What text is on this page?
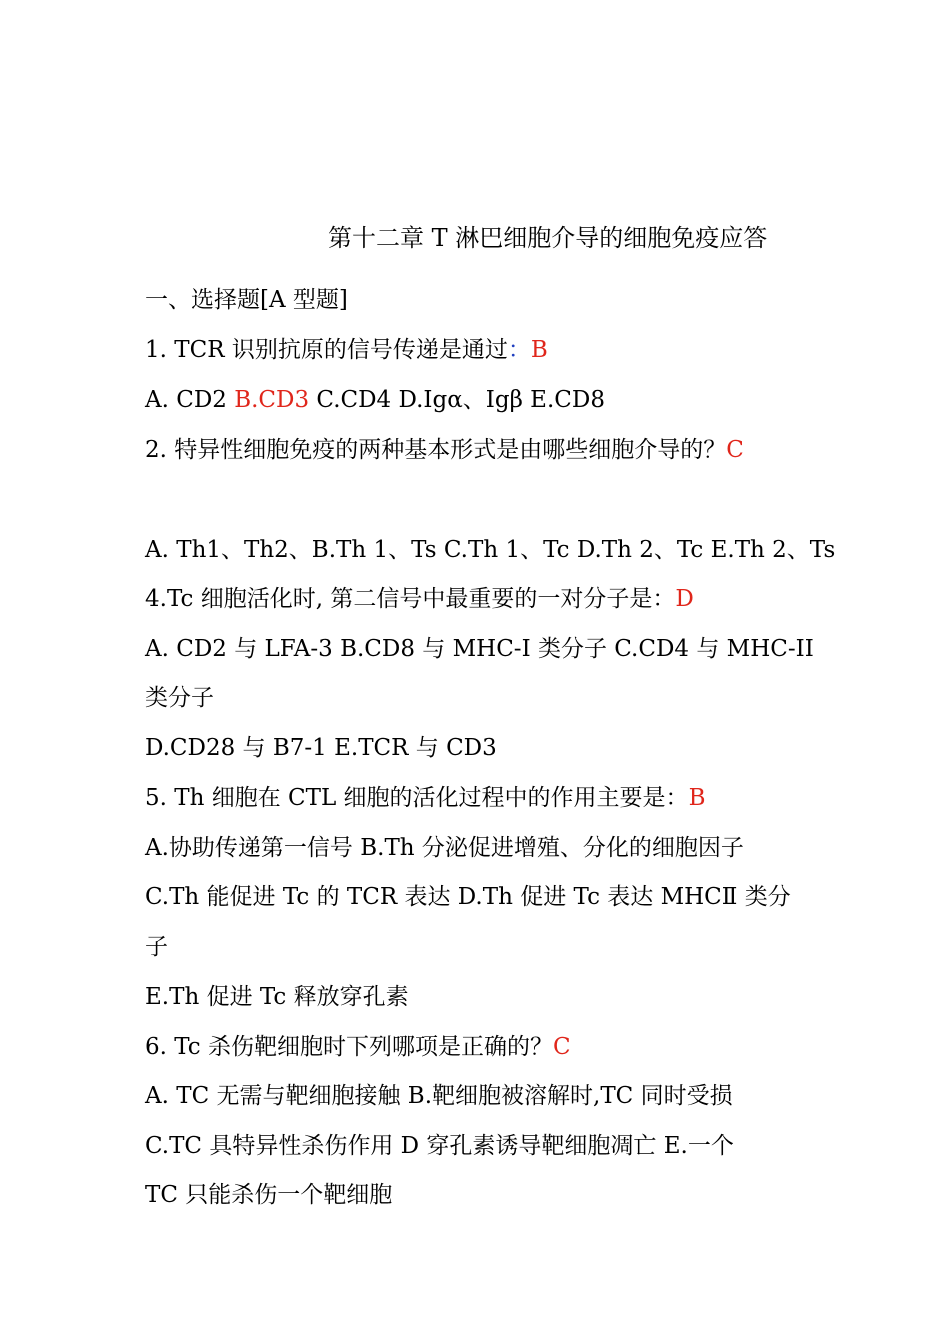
第十二章 T 淋巴细胞介导的细胞免疫应答
一、选择题[A 型题]
1. TCR 识别抗原的信号传递是通过：B
A. CD2 B.CD3 C.CD4 D.Igα、Igβ E.CD8
2. 特异性细胞免疫的两种基本形式是由哪些细胞介导的？C
A. Th1、Th2、B.Th 1、Ts C.Th 1、Tc D.Th 2、Tc E.Th 2、Ts
4.Tc 细胞活化时, 第二信号中最重要的一对分子是：D
A. CD2 与 LFA-3 B.CD8 与 MHC-I 类分子 C.CD4 与 MHC-II
类分子
D.CD28 与 B7-1 E.TCR 与 CD3
5. Th 细胞在 CTL 细胞的活化过程中的作用主要是：B
A.协助传递第一信号 B.Th 分泌促进增殖、分化的细胞因子
C.Th 能促进 Tc 的 TCR 表达 D.Th 促进 Tc 表达 MHCⅡ 类分
子
E.Th 促进 Tc 释放穿孔素
6. Tc 杀伤靶细胞时下列哪项是正确的？C
A. TC 无需与靶细胞接触 B.靶细胞被溶解时,TC 同时受损
C.TC 具特异性杀伤作用 D 穿孔素诱导靶细胞凋亡 E.一个
TC 只能杀伤一个靶细胞
